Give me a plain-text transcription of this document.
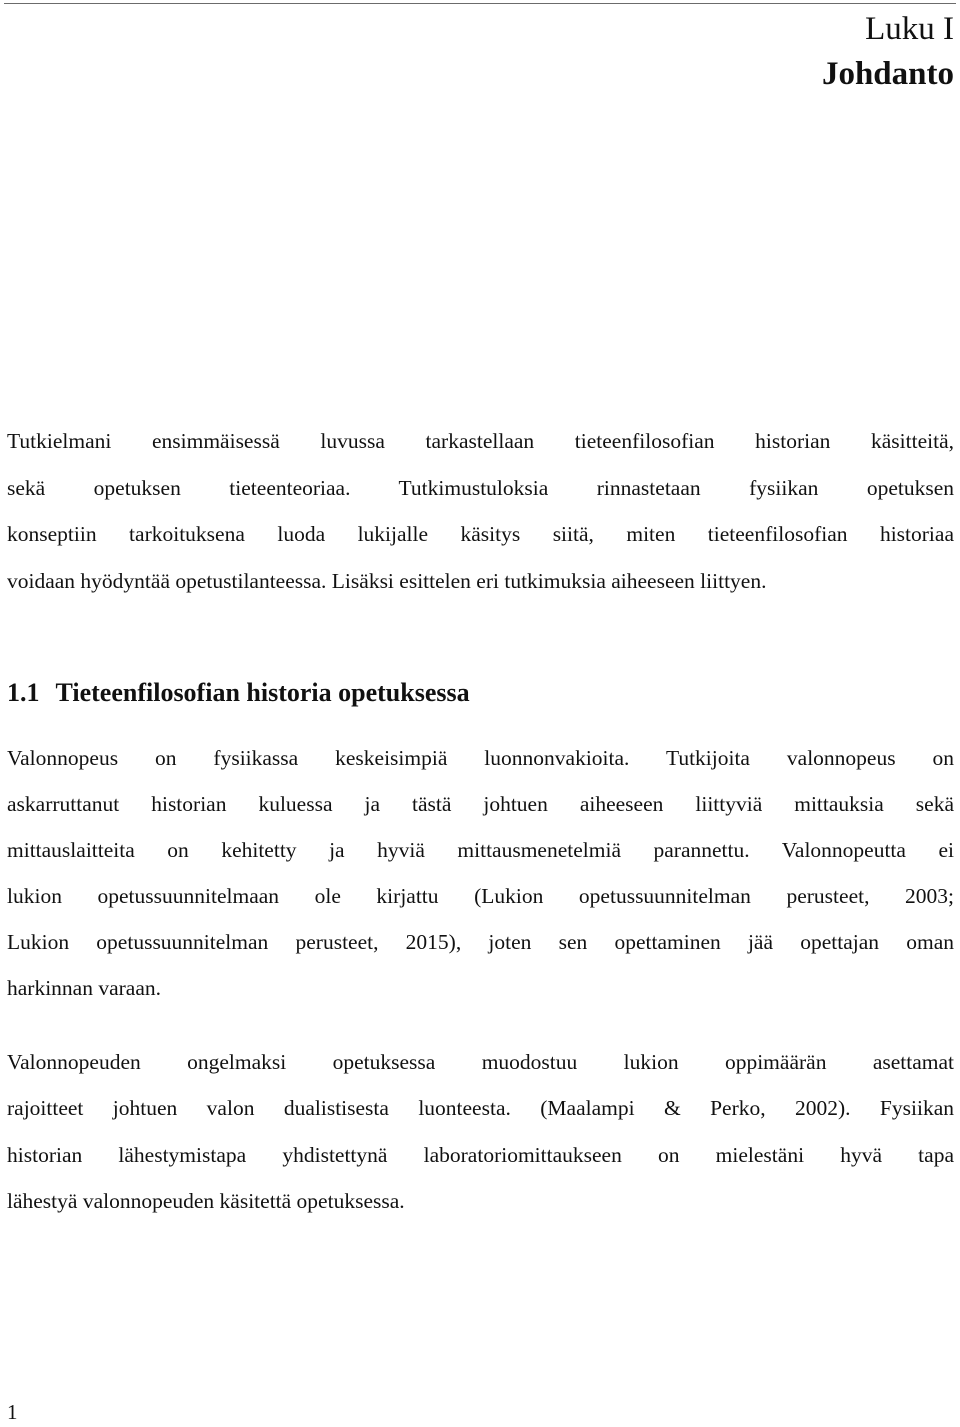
Luku I
Johdanto

Tutkielmani ensimmäisessä luvussa tarkastellaan tieteenfilosofian historian käsitteitä,
sekä opetuksen tieteenteoriaa. Tutkimustuloksia rinnastetaan fysiikan opetuksen
konseptiin tarkoituksena luoda lukijalle käsitys siitä, miten tieteenfilosofian historiaa
voidaan hyödyntää opetustilanteessa. Lisäksi esittelen eri tutkimuksia aiheeseen liittyen.

1.1 Tieteenfilosofian historia opetuksessa

Valonnopeus on fysiikassa keskeisimpiä luonnonvakioita. Tutkijoita valonnopeus on
askarruttanut historian kuluessa ja tästä johtuen aiheeseen liittyviä mittauksia sekä
mittauslaitteita on kehitetty ja hyviä mittausmenetelmiä parannettu. Valonnopeutta ei
lukion opetussuunnitelmaan ole kirjattu (Lukion opetussuunnitelman perusteet, 2003;
Lukion opetussuunnitelman perusteet, 2015), joten sen opettaminen jää opettajan oman
harkinnan varaan.

Valonnopeuden ongelmaksi opetuksessa muodostuu lukion oppimäärän asettamat
rajoitteet johtuen valon dualistisesta luonteesta. (Maalampi & Perko, 2002). Fysiikan
historian lähestymistapa yhdistettynä laboratoriomittaukseen on mielestäni hyvä tapa
lähestyä valonnopeuden käsitettä opetuksessa.

1
